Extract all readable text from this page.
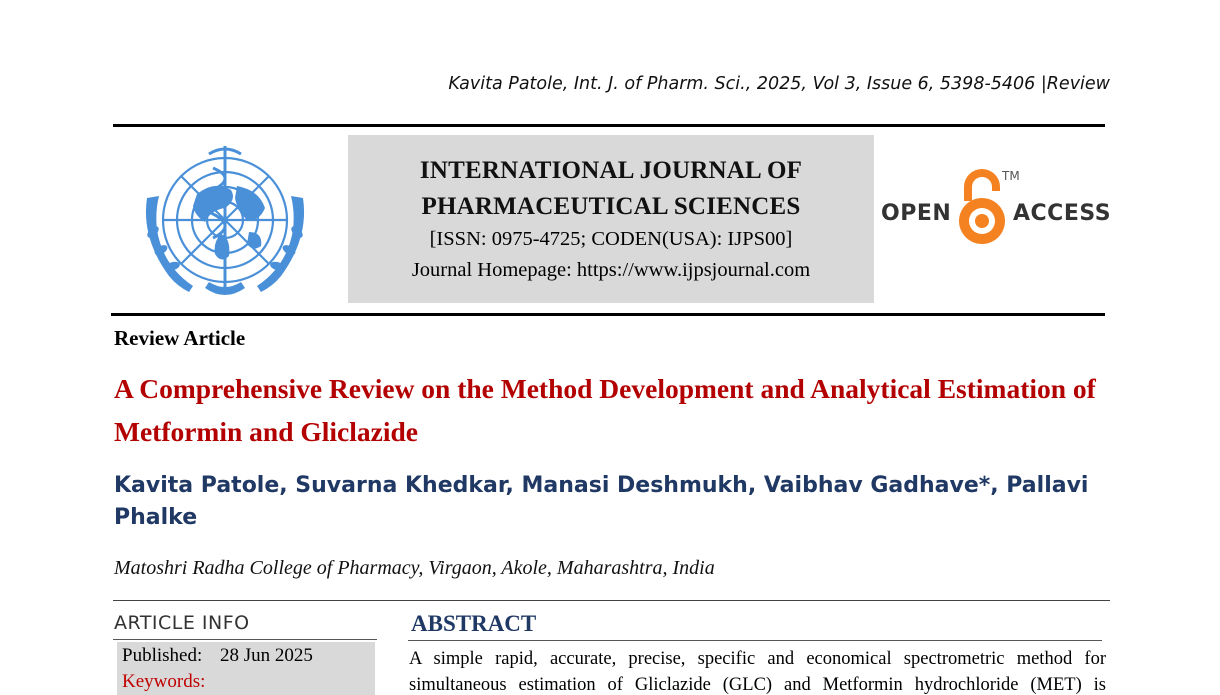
Kavita Patole, Int. J. of Pharm. Sci., 2025, Vol 3, Issue 6, 5398-5406 |Review
INTERNATIONAL JOURNAL OF
PHARMACEUTICAL SCIENCES
[ISSN: 0975-4725; CODEN(USA): IJPS00]
Journal Homepage: https://www.ijpsjournal.com
OPEN
TM
ACCESS
Review Article
A Comprehensive Review on the Method Development and Analytical Estimation of Metformin and Gliclazide
Kavita Patole, Suvarna Khedkar, Manasi Deshmukh, Vaibhav Gadhave*, Pallavi Phalke
Matoshri Radha College of Pharmacy, Virgaon, Akole, Maharashtra, India
ARTICLE INFO
Published: 28 Jun 2025
Keywords:
ABSTRACT
A simple rapid, accurate, precise, specific and economical spectrometric method for simultaneous estimation of Gliclazide (GLC) and Metformin hydrochloride (MET) is
